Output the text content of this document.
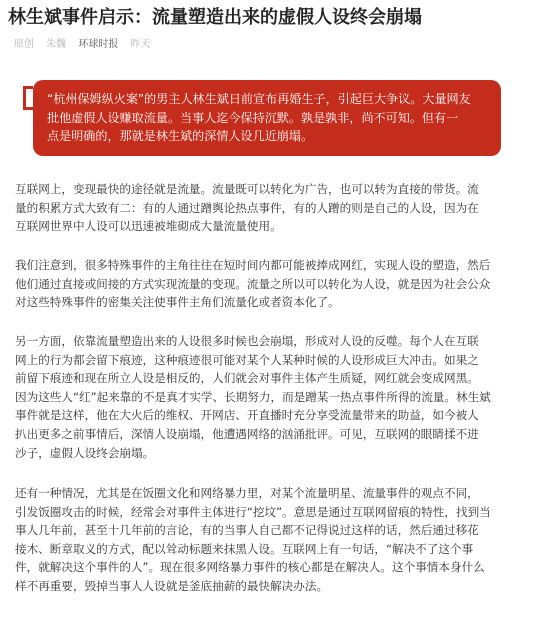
林生斌事件启示：流量塑造出来的虚假人设终会崩塌
原创 朱魏 环球时报 昨天
“杭州保姆纵火案”的男主人林生斌日前宣布再婚生子，引起巨大争议。大量网友
批他虚假人设赚取流量。当事人迄今保持沉默。孰是孰非，尚不可知。但有一
点是明确的，那就是林生斌的深情人设几近崩塌。
互联网上，变现最快的途径就是流量。流量既可以转化为广告，也可以转为直接的带货。流
量的积累方式大致有二：有的人通过蹭舆论热点事件，有的人蹭的则是自己的人设，因为在
互联网世界中人设可以迅速被堆砌成大量流量使用。
我们注意到，很多特殊事件的主角往往在短时间内都可能被捧成网红，实现人设的塑造，然后
他们通过直接或间接的方式实现流量的变现。流量之所以可以转化为人设，就是因为社会公众
对这些特殊事件的密集关注使事件主角们流量化或者资本化了。
另一方面，依靠流量塑造出来的人设很多时候也会崩塌，形成对人设的反噬。每个人在互联
网上的行为都会留下痕迹，这种痕迹很可能对某个人某种时候的人设形成巨大冲击。如果之
前留下痕迹和现在所立人设是相反的，人们就会对事件主体产生质疑，网红就会变成网黑。
因为这些人“红”起来靠的不是真才实学、长期努力，而是蹭某一热点事件所得的流量。林生斌
事件就是这样，他在大火后的维权、开网店、开直播时充分享受流量带来的助益，如今被人
扒出更多之前事情后，深情人设崩塌，他遭遇网络的汹涌批评。可见，互联网的眼睛揉不进
沙子，虚假人设终会崩塌。
还有一种情况，尤其是在饭圈文化和网络暴力里，对某个流量明星、流量事件的观点不同，
引发饭圈攻击的时候，经常会对事件主体进行“挖坟”。意思是通过互联网留痕的特性，找到当
事人几年前，甚至十几年前的言论，有的当事人自己都不记得说过这样的话，然后通过移花
接木、断章取义的方式，配以耸动标题来抹黑人设。互联网上有一句话，“解决不了这个事
件，就解决这个事件的人”。现在很多网络暴力事件的核心都是在解决人。这个事情本身什么
样不再重要，毁掉当事人人设就是釜底抽薪的最快解决办法。
